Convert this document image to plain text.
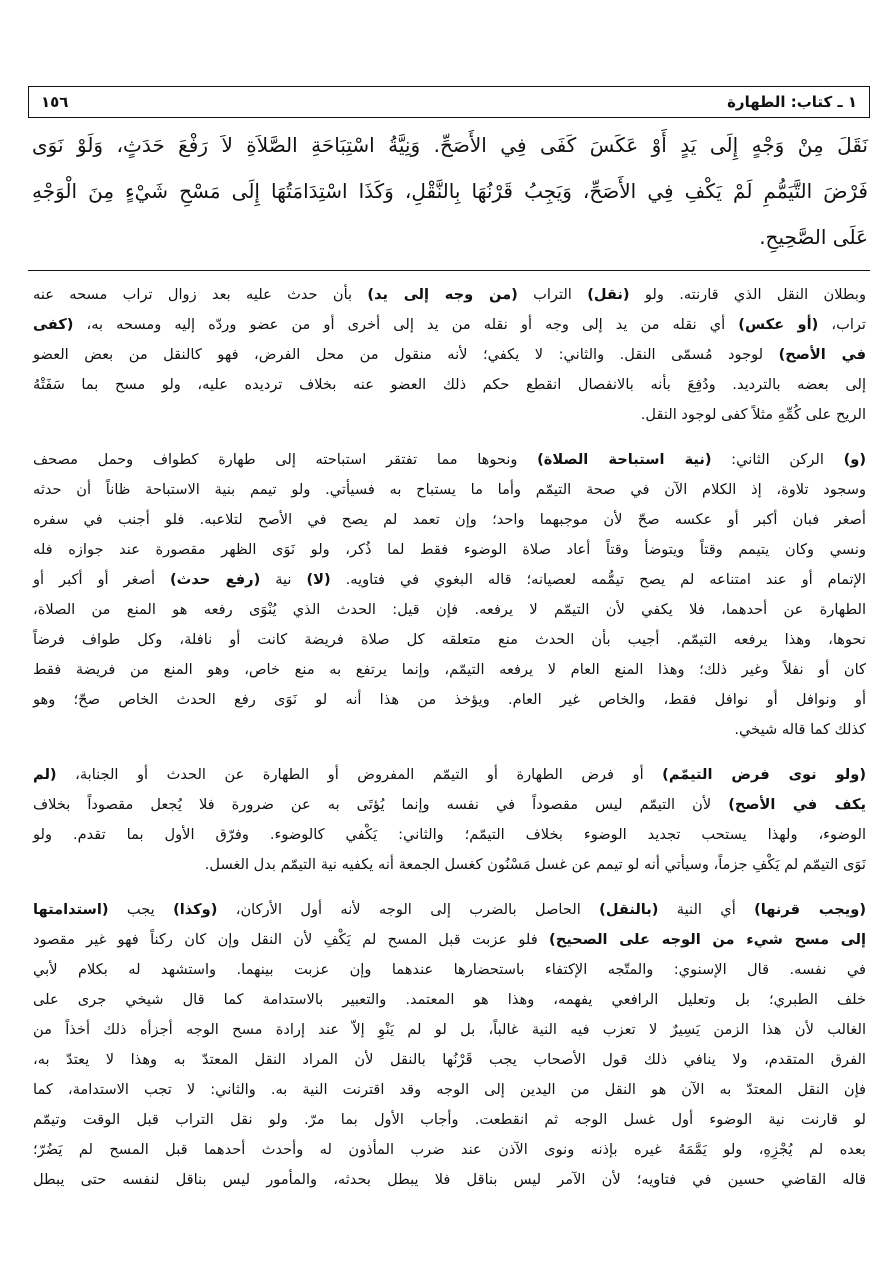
١٥٦	١ ـ كتاب: الطهارة
نَقَلَ مِنْ وَجْهٍ إِلَى يَدٍ أَوْ عَكَسَ كَفَى فِي الأَصَحِّ. وَنِيَّةُ اسْتِبَاحَةِ الصَّلاَةِ لاَ رَفْعَ حَدَثٍ، وَلَوْ نَوَى
فَرْضَ التَّيَمُّمِ لَمْ يَكْفِ فِي الأَصَحِّ، وَيَجِبُ قَرْنُهَا بِالنَّقْلِ، وَكَذَا اسْتِدَامَتُهَا إِلَى مَسْحِ شَيْءٍ مِنَ الْوَجْهِ
عَلَى الصَّحِيحِ.
وبطلان النقل الذي قارنته. ولو (نقل) التراب (من وجه إلى يد) بأن حدث عليه بعد زوال تراب مسحه عنه
تراب، (أو عكس) أي نقله من يد إلى وجه أو نقله من يد إلى أخرى أو من عضو وردّه إليه ومسحه به، (كفى
في الأصح) لوجود مُسمّى النقل. والثاني: لا يكفي؛ لأنه منقول من محل الفرض، فهو كالنقل من بعض العضو
إلى بعضه بالترديد. ودُفِعَ بأنه بالانفصال انقطع حكم ذلك العضو عنه بخلاف ترديده عليه، ولو مسح بما سَفَتْهُ
الريح على كُمِّهِ مثلاً كفى لوجود النقل.
(و) الركن الثاني: (نية استباحة الصلاة) ونحوها مما تفتقر استباحته إلى طهارة كطواف وحمل مصحف
وسجود تلاوة، إذ الكلام الآن في صحة التيمّم وأما ما يستباح به فسيأتي. ولو تيمم بنية الاستباحة ظاناً أن حدثه
أصغر فبان أكبر أو عكسه صحّ لأن موجبهما واحد؛ وإن تعمد لم يصح في الأصح لتلاعبه. فلو أجنب في سفره
ونسي وكان يتيمم وقتاً ويتوضأ وقتاً أعاد صلاة الوضوء فقط لما ذُكر، ولو نَوَى الظهر مقصورة عند جوازه فله
الإتمام أو عند امتناعه لم يصح تيمُّمه لعصيانه؛ قاله البغوي في فتاويه. (لا) نية (رفع حدث) أصغر أو أكبر أو
الطهارة عن أحدهما، فلا يكفي لأن التيمّم لا يرفعه. فإن قيل: الحدث الذي يُنْوَى رفعه هو المنع من الصلاة،
نحوها، وهذا يرفعه التيمّم. أجيب بأن الحدث منع متعلقه كل صلاة فريضة كانت أو نافلة، وكل طواف فرضاً
كان أو نفلاً وغير ذلك؛ وهذا المنع العام لا يرفعه التيمّم، وإنما يرتفع به منع خاص، وهو المنع من فريضة فقط
أو ونوافل أو نوافل فقط، والخاص غير العام. ويؤخذ من هذا أنه لو نَوَى رفع الحدث الخاص صحّ؛ وهو
كذلك كما قاله شيخي.
(ولو نوى فرض التيمّم) أو فرض الطهارة أو التيمّم المفروض أو الطهارة عن الحدث أو الجنابة، (لم
يكف في الأصح) لأن التيمّم ليس مقصوداً في نفسه وإنما يُؤتَى به عن ضرورة فلا يُجعل مقصوداً بخلاف
الوضوء، ولهذا يستحب تجديد الوضوء بخلاف التيمّم؛ والثاني: يَكْفي كالوضوء. وفرّق الأول بما تقدم. ولو
نَوَى التيمّم لم يَكْفِ جزماً، وسيأتي أنه لو تيمم عن غسل مَسْنُون كغسل الجمعة أنه يكفيه نية التيمّم بدل الغسل.
(ويجب قرنها) أي النية (بالنقل) الحاصل بالضرب إلى الوجه لأنه أول الأركان، (وكذا) يجب (استدامتها
إلى مسح شيء من الوجه على الصحيح) فلو عزبت قبل المسح لم يَكْفِ لأن النقل وإن كان ركناً فهو غير مقصود
في نفسه. قال الإسنوي: والمتّجه الإكتفاء باستحضارها عندهما وإن عزبت بينهما. واستشهد له بكلام لأبي
خلف الطبري؛ بل وتعليل الرافعي يفهمه، وهذا هو المعتمد. والتعبير بالاستدامة كما قال شيخي جرى على
الغالب لأن هذا الزمن يَسِيرٌ لا تعزب فيه النية غالباً، بل لو لم يَنْوِ إلاّ عند إرادة مسح الوجه أجزأه ذلك أخذاً من
الفرق المتقدم، ولا ينافي ذلك قول الأصحاب يجب قَرْنُها بالنقل لأن المراد النقل المعتدّ به وهذا لا يعتدّ به،
فإن النقل المعتدّ به الآن هو النقل من اليدين إلى الوجه وقد اقترنت النية به. والثاني: لا تجب الاستدامة، كما
لو قارنت نية الوضوء أول غسل الوجه ثم انقطعت. وأجاب الأول بما مرّ. ولو نقل التراب قبل الوقت وتيمّم
بعده لم يُجْزِهِ، ولو يَمَّمَهُ غيره بإذنه ونوى الآذن عند ضرب المأذون له وأحدث أحدهما قبل المسح لم يَضُرّ؛
قاله القاضي حسين في فتاويه؛ لأن الآمر ليس بناقل فلا يبطل بحدثه، والمأمور ليس بناقل لنفسه حتى يبطل
